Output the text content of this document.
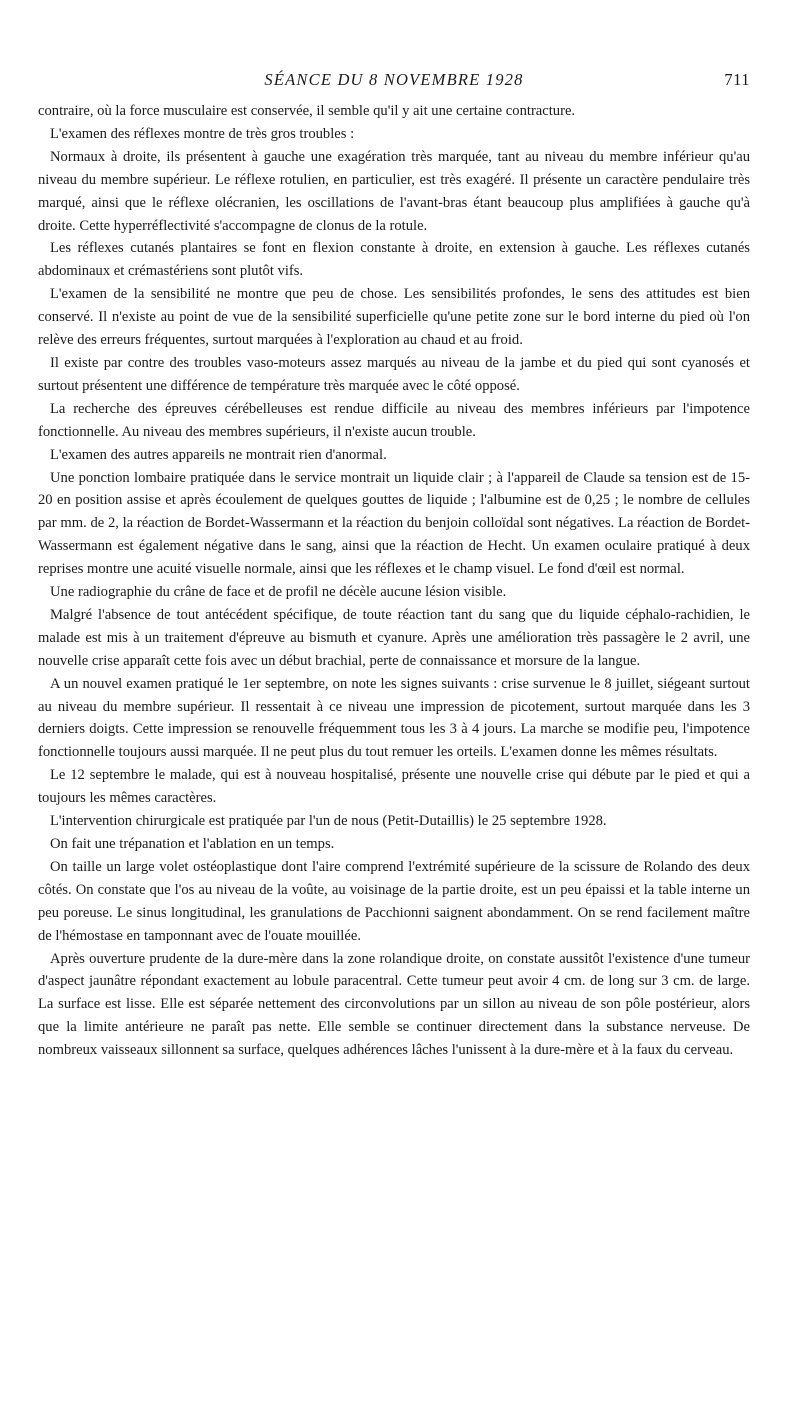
SÉANCE DU 8 NOVEMBRE 1928	711

contraire, où la force musculaire est conservée, il semble qu'il y ait une certaine contracture.

L'examen des réflexes montre de très gros troubles :

Normaux à droite, ils présentent à gauche une exagération très marquée, tant au niveau du membre inférieur qu'au niveau du membre supérieur. Le réflexe rotulien, en particulier, est très exagéré. Il présente un caractère pendulaire très marqué, ainsi que le réflexe olécranien, les oscillations de l'avant-bras étant beaucoup plus amplifiées à gauche qu'à droite. Cette hyperréflectivité s'accompagne de clonus de la rotule.

Les réflexes cutanés plantaires se font en flexion constante à droite, en extension à gauche. Les réflexes cutanés abdominaux et crémastériens sont plutôt vifs.

L'examen de la sensibilité ne montre que peu de chose. Les sensibilités profondes, le sens des attitudes est bien conservé. Il n'existe au point de vue de la sensibilité superficielle qu'une petite zone sur le bord interne du pied où l'on relève des erreurs fréquentes, surtout marquées à l'exploration au chaud et au froid.

Il existe par contre des troubles vaso-moteurs assez marqués au niveau de la jambe et du pied qui sont cyanosés et surtout présentent une différence de température très marquée avec le côté opposé.

La recherche des épreuves cérébelleuses est rendue difficile au niveau des membres inférieurs par l'impotence fonctionnelle. Au niveau des membres supérieurs, il n'existe aucun trouble.

L'examen des autres appareils ne montrait rien d'anormal.

Une ponction lombaire pratiquée dans le service montrait un liquide clair ; à l'appareil de Claude sa tension est de 15-20 en position assise et après écoulement de quelques gouttes de liquide ; l'albumine est de 0,25 ; le nombre de cellules par mm. de 2, la réaction de Bordet-Wassermann et la réaction du benjoin colloïdal sont négatives. La réaction de Bordet-Wassermann est également négative dans le sang, ainsi que la réaction de Hecht. Un examen oculaire pratiqué à deux reprises montre une acuité visuelle normale, ainsi que les réflexes et le champ visuel. Le fond d'œil est normal.

Une radiographie du crâne de face et de profil ne décèle aucune lésion visible.

Malgré l'absence de tout antécédent spécifique, de toute réaction tant du sang que du liquide céphalo-rachidien, le malade est mis à un traitement d'épreuve au bismuth et cyanure. Après une amélioration très passagère le 2 avril, une nouvelle crise apparaît cette fois avec un début brachial, perte de connaissance et morsure de la langue.

A un nouvel examen pratiqué le 1er septembre, on note les signes suivants : crise survenue le 8 juillet, siégeant surtout au niveau du membre supérieur. Il ressentait à ce niveau une impression de picotement, surtout marquée dans les 3 derniers doigts. Cette impression se renouvelle fréquemment tous les 3 à 4 jours. La marche se modifie peu, l'impotence fonctionnelle toujours aussi marquée. Il ne peut plus du tout remuer les orteils. L'examen donne les mêmes résultats.

Le 12 septembre le malade, qui est à nouveau hospitalisé, présente une nouvelle crise qui débute par le pied et qui a toujours les mêmes caractères.

L'intervention chirurgicale est pratiquée par l'un de nous (Petit-Dutaillis) le 25 septembre 1928.

On fait une trépanation et l'ablation en un temps.

On taille un large volet ostéoplastique dont l'aire comprend l'extrémité supérieure de la scissure de Rolando des deux côtés. On constate que l'os au niveau de la voûte, au voisinage de la partie droite, est un peu épaissi et la table interne un peu poreuse. Le sinus longitudinal, les granulations de Pacchionni saignent abondamment. On se rend facilement maître de l'hémostase en tamponnant avec de l'ouate mouillée.

Après ouverture prudente de la dure-mère dans la zone rolandique droite, on constate aussitôt l'existence d'une tumeur d'aspect jaunâtre répondant exactement au lobule paracentral. Cette tumeur peut avoir 4 cm. de long sur 3 cm. de large. La surface est lisse. Elle est séparée nettement des circonvolutions par un sillon au niveau de son pôle postérieur, alors que la limite antérieure ne paraît pas nette. Elle semble se continuer directement dans la substance nerveuse. De nombreux vaisseaux sillonnent sa surface, quelques adhérences lâches l'unissent à la dure-mère et à la faux du cerveau.
